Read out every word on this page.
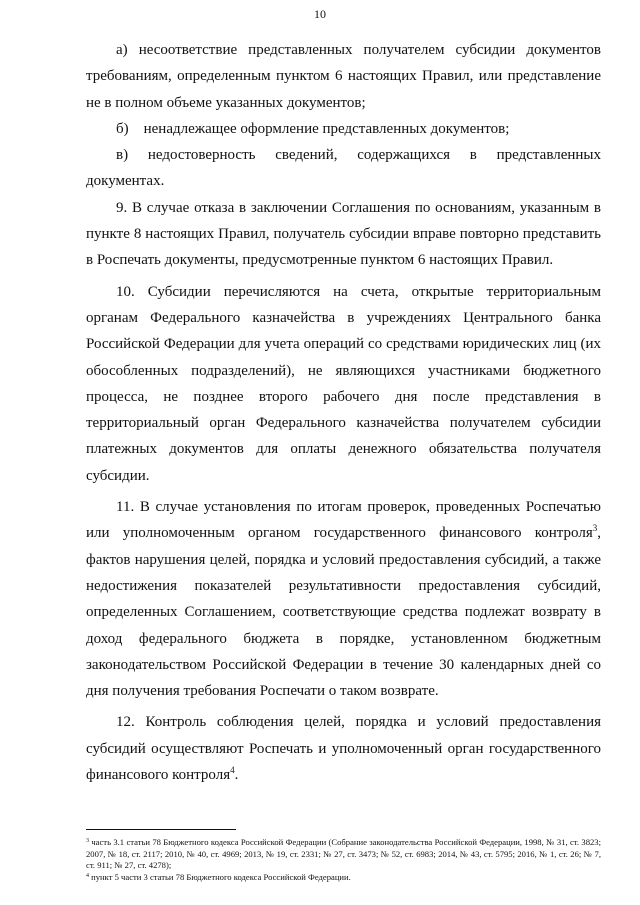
10

а) несоответствие представленных получателем субсидии документов требованиям, определенным пунктом 6 настоящих Правил, или представление не в полном объеме указанных документов;

б)    ненадлежащее оформление представленных документов;

в)   недостоверность   сведений,   содержащихся   в   представленных документах.

9. В случае отказа в заключении Соглашения по основаниям, указанным в пункте 8 настоящих Правил, получатель субсидии вправе повторно представить в Роспечать документы, предусмотренные пунктом 6 настоящих Правил.

10. Субсидии перечисляются на счета, открытые территориальным органам Федерального казначейства в учреждениях Центрального банка Российской Федерации для учета операций со средствами юридических лиц (их обособленных подразделений), не являющихся участниками бюджетного процесса, не позднее второго рабочего дня после представления в территориальный орган Федерального казначейства получателем субсидии платежных документов для оплаты денежного обязательства получателя субсидии.

11. В случае установления по итогам проверок, проведенных Роспечатью или уполномоченным органом государственного финансового контроля$^3$, фактов нарушения целей, порядка и условий предоставления субсидий, а также недостижения показателей результативности предоставления субсидий, определенных Соглашением, соответствующие средства подлежат возврату в доход федерального бюджета в порядке, установленном бюджетным законодательством Российской Федерации в течение 30 календарных дней со дня получения требования Роспечати о таком возврате.

12. Контроль соблюдения целей, порядка и условий предоставления субсидий осуществляют Роспечать и уполномоченный орган государственного финансового контроля$^4$.

$^3$ часть 3.1 статьи 78 Бюджетного кодекса Российской Федерации (Собрание законодательства Российской Федерации, 1998, № 31, ст. 3823; 2007, № 18, ст. 2117; 2010, № 40, ст. 4969; 2013, № 19, ст. 2331; № 27, ст. 3473; № 52, ст. 6983; 2014, № 43, ст. 5795; 2016, № 1, ст. 26; № 7, ст. 911; № 27, ст. 4278);

$^4$ пункт 5 части 3 статьи 78 Бюджетного кодекса Российской Федерации.
